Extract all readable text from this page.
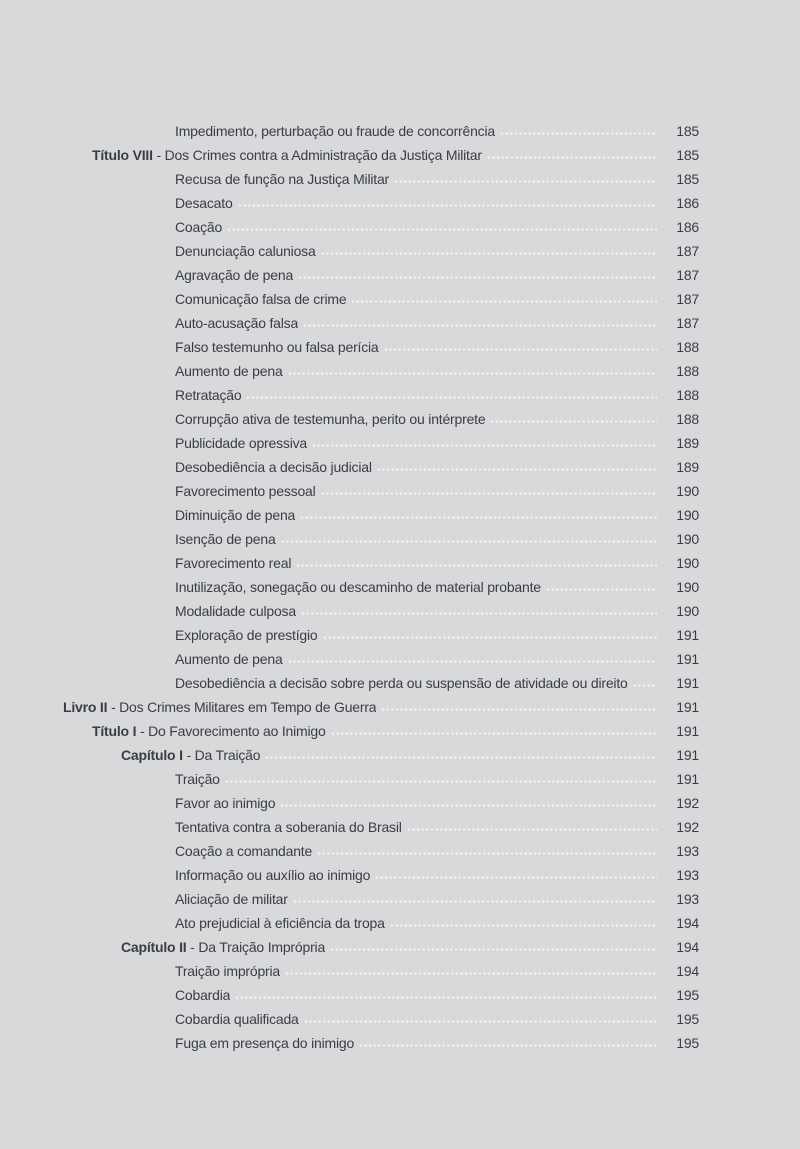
Impedimento, perturbação ou fraude de concorrência	185
Título VIII - Dos Crimes contra a Administração da Justiça Militar	185
Recusa de função na Justiça Militar	185
Desacato	186
Coação	186
Denunciação caluniosa	187
Agravação de pena	187
Comunicação falsa de crime	187
Auto-acusação falsa	187
Falso testemunho ou falsa perícia	188
Aumento de pena	188
Retratação	188
Corrupção ativa de testemunha, perito ou intérprete	188
Publicidade opressiva	189
Desobediência a decisão judicial	189
Favorecimento pessoal	190
Diminuição de pena	190
Isenção de pena	190
Favorecimento real	190
Inutilização, sonegação ou descaminho de material probante	190
Modalidade culposa	190
Exploração de prestígio	191
Aumento de pena	191
Desobediência a decisão sobre perda ou suspensão de atividade ou direito	191
Livro II - Dos Crimes Militares em Tempo de Guerra	191
Título I - Do Favorecimento ao Inimigo	191
Capítulo I - Da Traição	191
Traição	191
Favor ao inimigo	192
Tentativa contra a soberania do Brasil	192
Coação a comandante	193
Informação ou auxílio ao inimigo	193
Aliciação de militar	193
Ato prejudicial à eficiência da tropa	194
Capítulo II - Da Traição Imprópria	194
Traição imprópria	194
Cobardia	195
Cobardia qualificada	195
Fuga em presença do inimigo	195
